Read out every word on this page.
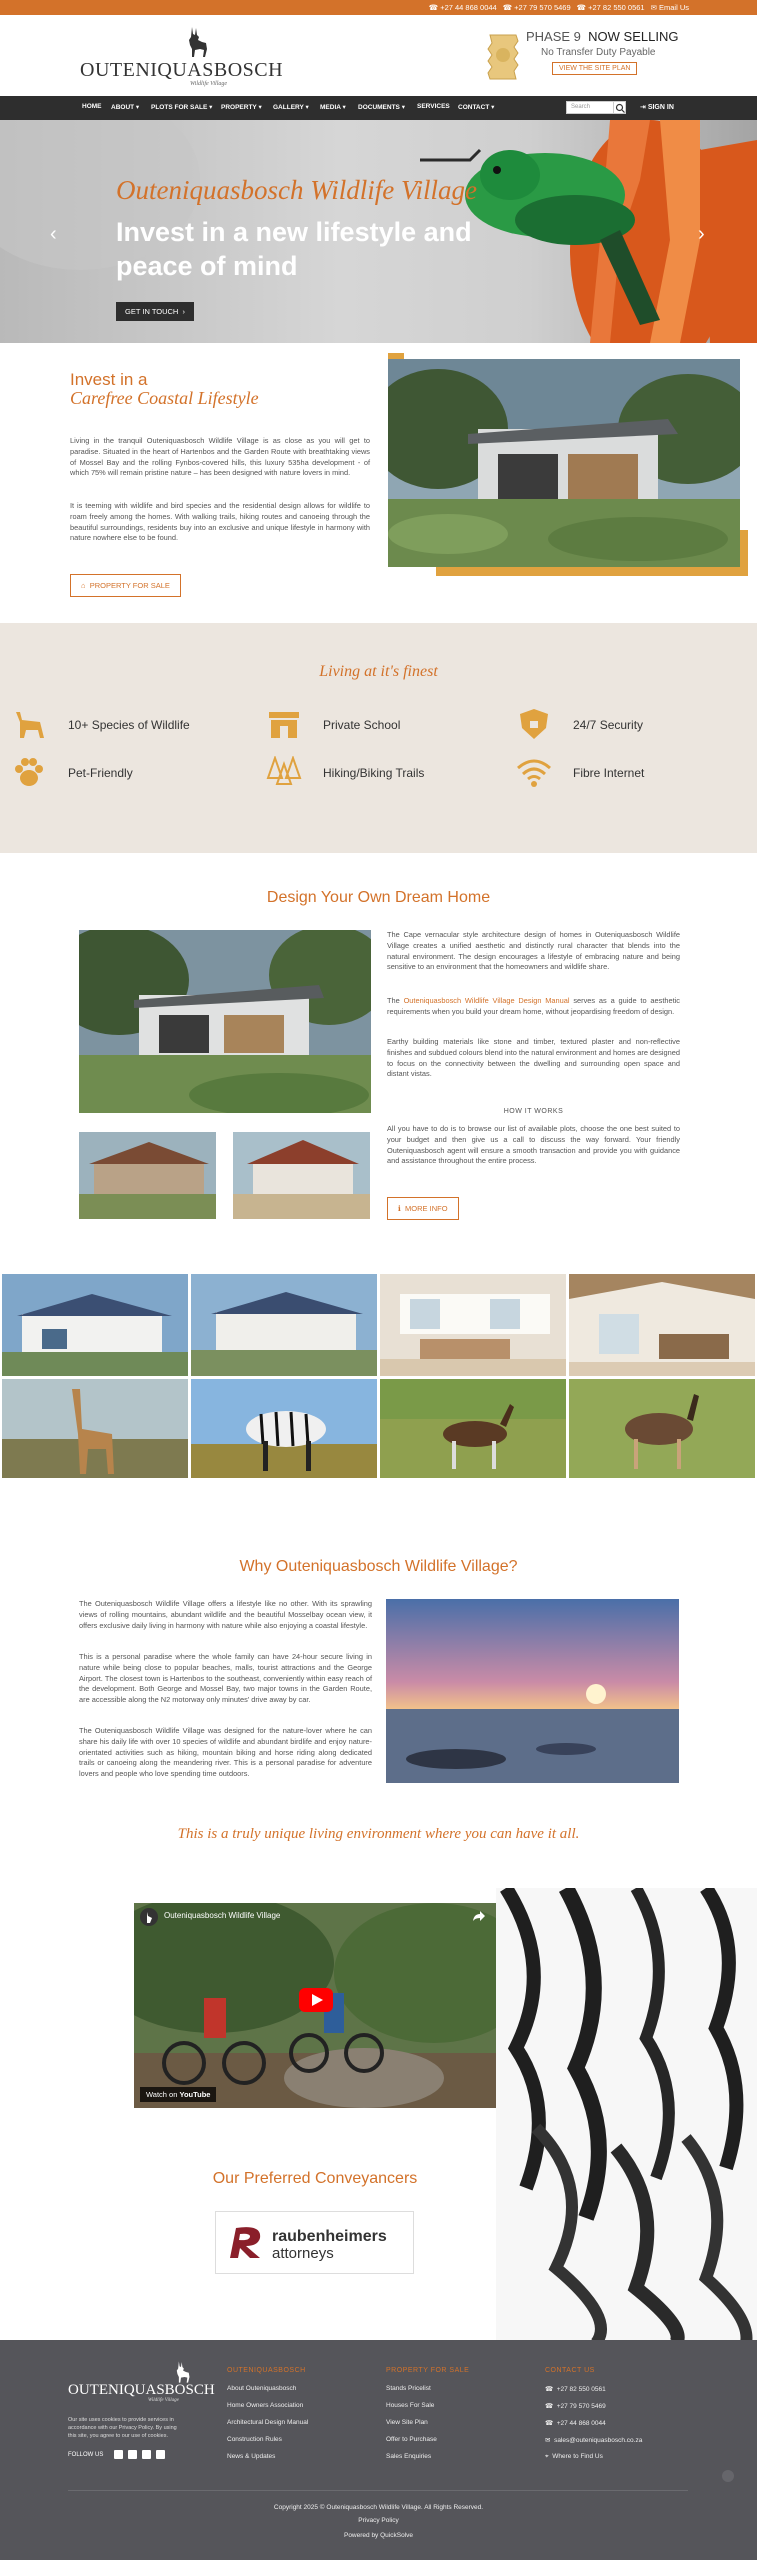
☎ +27 44 868 0044 ☎ +27 79 570 5469 ☎ +27 82 550 0561 ✉ Email Us
OUTENIQUASBOSCH
Wildlife Village
PHASE 9 NOW SELLING
No Transfer Duty Payable
VIEW THE SITE PLAN
HOME ABOUT ▾ PLOTS FOR SALE ▾ PROPERTY ▾ GALLERY ▾ MEDIA ▾ DOCUMENTS ▾ SERVICES CONTACT ▾	Search	⇥ SIGN IN
‹	›
Outeniquasbosch Wildlife Village
Invest in a new lifestyle and peace of mind
GET IN TOUCH  ›
Invest in a
Carefree Coastal Lifestyle
Living in the tranquil Outeniquasbosch Wildlife Village is as close as you will get to paradise. Situated in the heart of Hartenbos and the Garden Route with breathtaking views of Mossel Bay and the rolling Fynbos-covered hills, this luxury 535ha development - of which 75% will remain pristine nature – has been designed with nature lovers in mind.
It is teeming with wildlife and bird species and the residential design allows for wildlife to roam freely among the homes. With walking trails, hiking routes and canoeing through the beautiful surroundings, residents buy into an exclusive and unique lifestyle in harmony with nature nowhere else to be found.
⌂  PROPERTY FOR SALE
Living at it's finest
10+ Species of Wildlife	Private School	24/7 Security
Pet-Friendly	Hiking/Biking Trails	Fibre Internet
Design Your Own Dream Home
The Cape vernacular style architecture design of homes in Outeniquasbosch Wildlife Village creates a unified aesthetic and distinctly rural character that blends into the natural environment. The design encourages a lifestyle of embracing nature and being sensitive to an environment that the homeowners and wildlife share.
The Outeniquasbosch Wildlife Village Design Manual serves as a guide to aesthetic requirements when you build your dream home, without jeopardising freedom of design.
Earthy building materials like stone and timber, textured plaster and non-reflective finishes and subdued colours blend into the natural environment and homes are designed to focus on the connectivity between the dwelling and surrounding open space and distant vistas.
HOW IT WORKS
All you have to do is to browse our list of available plots, choose the one best suited to your budget and then give us a call to discuss the way forward. Your friendly Outeniquasbosch agent will ensure a smooth transaction and provide you with guidance and assistance throughout the entire process.
ℹ  MORE INFO
Why Outeniquasbosch Wildlife Village?
The Outeniquasbosch Wildlife Village offers a lifestyle like no other. With its sprawling views of rolling mountains, abundant wildlife and the beautiful Mosselbay ocean view, it offers exclusive daily living in harmony with nature while also enjoying a coastal lifestyle.
This is a personal paradise where the whole family can have 24-hour secure living in nature while being close to popular beaches, malls, tourist attractions and the George Airport. The closest town is Hartenbos to the southeast, conveniently within easy reach of the development. Both George and Mossel Bay, two major towns in the Garden Route, are accessible along the N2 motorway only minutes' drive away by car.
The Outeniquasbosch Wildlife Village was designed for the nature-lover where he can share his daily life with over 10 species of wildlife and abundant birdlife and enjoy nature-orientated activities such as hiking, mountain biking and horse riding along dedicated trails or canoeing along the meandering river. This is a personal paradise for adventure lovers and people who love spending time outdoors.
This is a truly unique living environment where you can have it all.
Outeniquasbosch Wildlife Village
Watch on YouTube
Our Preferred Conveyancers
raubenheimers
attorneys
OUTENIQUASBOSCH
Wildlife Village
Our site uses cookies to provide services in accordance with our Privacy Policy. By using this site, you agree to our use of cookies.
FOLLOW US
OUTENIQUASBOSCH
About Outeniquasbosch
Home Owners Association
Architectural Design Manual
Construction Rules
News & Updates
PROPERTY FOR SALE
Stands Pricelist
Houses For Sale
View Site Plan
Offer to Purchase
Sales Enquiries
CONTACT US
☎  +27 82 550 0561
☎  +27 79 570 5469
☎  +27 44 868 0044
✉  sales@outeniquasbosch.co.za
⌖  Where to Find Us
Copyright 2025 © Outeniquasbosch Wildlife Village. All Rights Reserved.
Privacy Policy
Powered by QuickSolve
